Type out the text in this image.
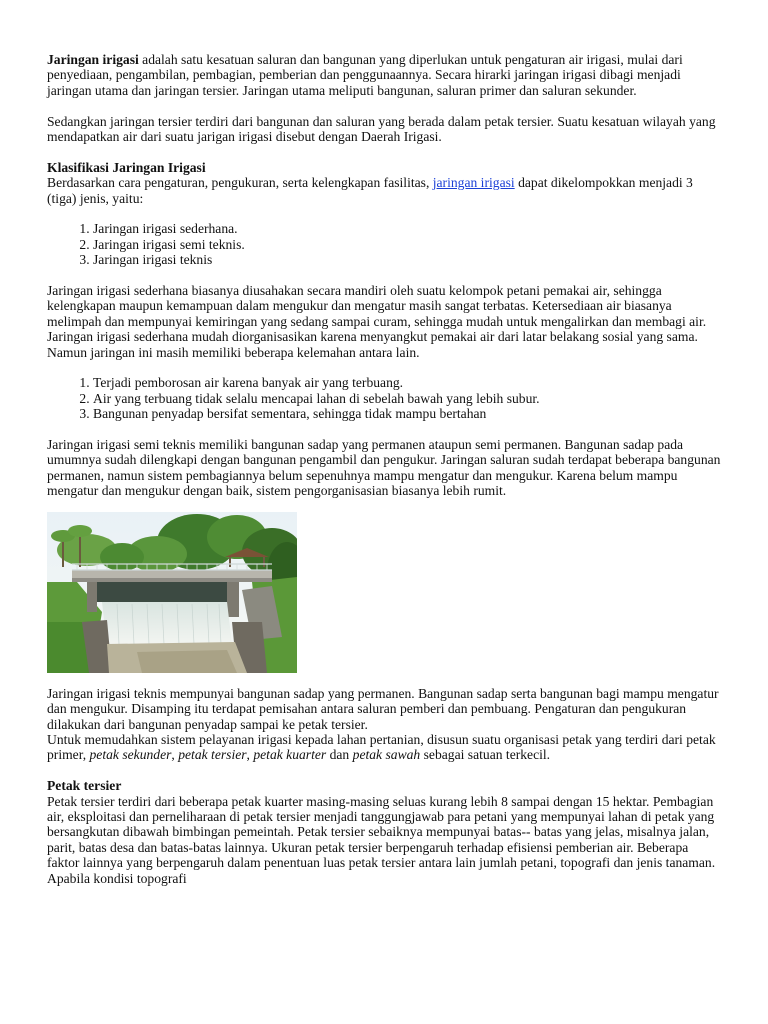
Jaringan irigasi adalah satu kesatuan saluran dan bangunan yang diperlukan untuk pengaturan air irigasi, mulai dari penyediaan, pengambilan, pembagian, pemberian dan penggunaannya. Secara hirarki jaringan irigasi dibagi menjadi jaringan utama dan jaringan tersier. Jaringan utama meliputi bangunan, saluran primer dan saluran sekunder.

Sedangkan jaringan tersier terdiri dari bangunan dan saluran yang berada dalam petak tersier. Suatu kesatuan wilayah yang mendapatkan air dari suatu jarigan irigasi disebut dengan Daerah Irigasi.

Klasifikasi Jaringan Irigasi

Berdasarkan cara pengaturan, pengukuran, serta kelengkapan fasilitas, jaringan irigasi dapat dikelompokkan menjadi 3 (tiga) jenis, yaitu:

1. Jaringan irigasi sederhana.
2. Jaringan irigasi semi teknis.
3. Jaringan irigasi teknis

Jaringan irigasi sederhana biasanya diusahakan secara mandiri oleh suatu kelompok petani pemakai air, sehingga kelengkapan maupun kemampuan dalam mengukur dan mengatur masih sangat terbatas. Ketersediaan air biasanya melimpah dan mempunyai kemiringan yang sedang sampai curam, sehingga mudah untuk mengalirkan dan membagi air. Jaringan irigasi sederhana mudah diorganisasikan karena menyangkut pemakai air dari latar belakang sosial yang sama. Namun jaringan ini masih memiliki beberapa kelemahan antara lain.

1. Terjadi pemborosan air karena banyak air yang terbuang.
2. Air yang terbuang tidak selalu mencapai lahan di sebelah bawah yang lebih subur.
3. Bangunan penyadap bersifat sementara, sehingga tidak mampu bertahan

Jaringan irigasi semi teknis memiliki bangunan sadap yang permanen ataupun semi permanen. Bangunan sadap pada umumnya sudah dilengkapi dengan bangunan pengambil dan pengukur. Jaringan saluran sudah terdapat beberapa bangunan permanen, namun sistem pembagiannya belum sepenuhnya mampu mengatur dan mengukur. Karena belum mampu mengatur dan mengukur dengan baik, sistem pengorganisasian biasanya lebih rumit.

Jaringan irigasi teknis mempunyai bangunan sadap yang permanen. Bangunan sadap serta bangunan bagi mampu mengatur dan mengukur. Disamping itu terdapat pemisahan antara saluran pemberi dan pembuang. Pengaturan dan pengukuran dilakukan dari bangunan penyadap sampai ke petak tersier.

Untuk memudahkan sistem pelayanan irigasi kepada lahan pertanian, disusun suatu organisasi petak yang terdiri dari petak primer, petak sekunder, petak tersier, petak kuarter dan petak sawah sebagai satuan terkecil.

Petak tersier

Petak tersier terdiri dari beberapa petak kuarter masing-masing seluas kurang lebih 8 sampai dengan 15 hektar. Pembagian air, eksploitasi dan perneliharaan di petak tersier menjadi tanggungjawab para petani yang mempunyai lahan di petak yang bersangkutan dibawah bimbingan pemeintah. Petak tersier sebaiknya mempunyai batas-- batas yang jelas, misalnya jalan, parit, batas desa dan batas-batas lainnya. Ukuran petak tersier berpengaruh terhadap efisiensi pemberian air. Beberapa faktor lainnya yang berpengaruh dalam penentuan luas petak tersier antara lain jumlah petani, topografi dan jenis tanaman. Apabila kondisi topografi
